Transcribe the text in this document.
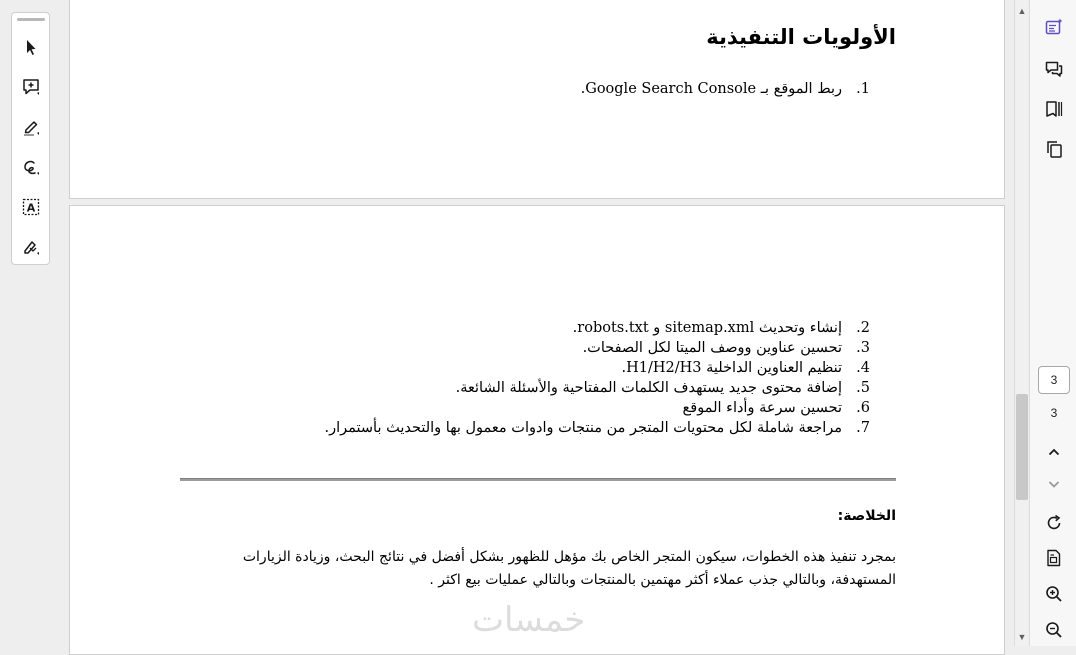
A
الأولويات التنفيذية
1.
ربط الموقع بـ Google Search Console.
2.
إنشاء وتحديث sitemap.xml و robots.txt.
3.
تحسين عناوين ووصف الميتا لكل الصفحات.
4.
تنظيم العناوين الداخلية H1/H2/H3.
5.
إضافة محتوى جديد يستهدف الكلمات المفتاحية والأسئلة الشائعة.
6.
تحسين سرعة وأداء الموقع
7.
مراجعة شاملة لكل محتويات المتجر من منتجات وادوات معمول بها والتحديث بأستمرار.
الخلاصة:
بمجرد تنفيذ هذه الخطوات، سيكون المتجر الخاص بك مؤهل للظهور بشكل أفضل في نتائج البحث، وزيادة الزيارات المستهدفة، وبالتالي جذب عملاء أكثر مهتمين بالمنتجات وبالتالي عمليات بيع اكثر .
خمسات
▲
▼
3
3
